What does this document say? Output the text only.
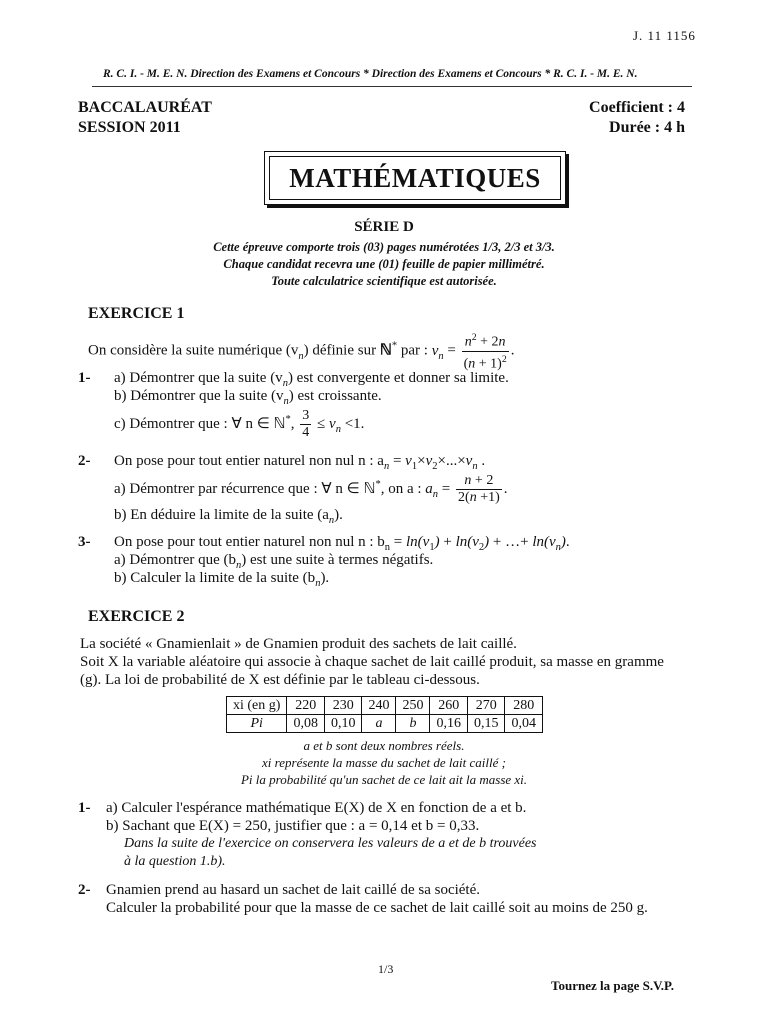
J. 11 1156
R. C. I. - M. E. N. Direction des Examens et Concours * Direction des Examens et Concours * R. C. I. - M. E. N.
BACCALAURÉAT
SESSION 2011
Coefficient : 4
Durée : 4 h
MATHÉMATIQUES
SÉRIE D
Cette épreuve comporte trois (03) pages numérotées 1/3, 2/3 et 3/3.
Chaque candidat recevra une (01) feuille de papier millimétré.
Toute calculatrice scientifique est autorisée.
EXERCICE 1
On considère la suite numérique $(v_n)$ définie sur ℕ* par : $v_n = \frac{n^2 + 2n}{(n + 1)^2}$ .
1- a) Démontrer que la suite $(v_n)$ est convergente et donner sa limite.
b) Démontrer que la suite $(v_n)$ est croissante.
c) Démontrer que : ∀ n ∈ ℕ*, $\frac{3}{4} \le v_n <1$.
2- On pose pour tout entier naturel non nul n : $a_n = v_1\times v_2\times...\times v_n$ .
a) Démontrer par récurrence que : ∀ n ∈ ℕ*, on a : $a_n = \frac{n + 2}{2(n +1)}$ .
b) En déduire la limite de la suite $(a_n)$.
3- On pose pour tout entier naturel non nul n : $b_n = \ln(v_1) + \ln(v_2)$ + …+ $\ln(v_n)$.
a) Démontrer que $(b_n)$ est une suite à termes négatifs.
b) Calculer la limite de la suite $(b_n)$.
EXERCICE 2
La société « Gnamienlait » de Gnamien produit des sachets de lait caillé.
Soit X la variable aléatoire qui associe à chaque sachet de lait caillé produit, sa masse en gramme
(g). La loi de probabilité de X est définie par le tableau ci-dessous.
xi (en g)	220	230	240	250	260	270	280
Pi	0,08	0,10	a	b	0,16	0,15	0,04
a et b sont deux nombres réels.
xi représente la masse du sachet de lait caillé ;
Pi la probabilité qu'un sachet de ce lait ait la masse xi.
1- a) Calculer l'espérance mathématique E(X) de X en fonction de a et b.
b) Sachant que E(X) = 250, justifier que : a = 0,14 et b = 0,33.
Dans la suite de l'exercice on conservera les valeurs de a et de b trouvées
à la question 1.b).
2- Gnamien prend au hasard un sachet de lait caillé de sa société.
Calculer la probabilité pour que la masse de ce sachet de lait caillé soit au moins de 250 g.
1/3
Tournez la page S.V.P.
